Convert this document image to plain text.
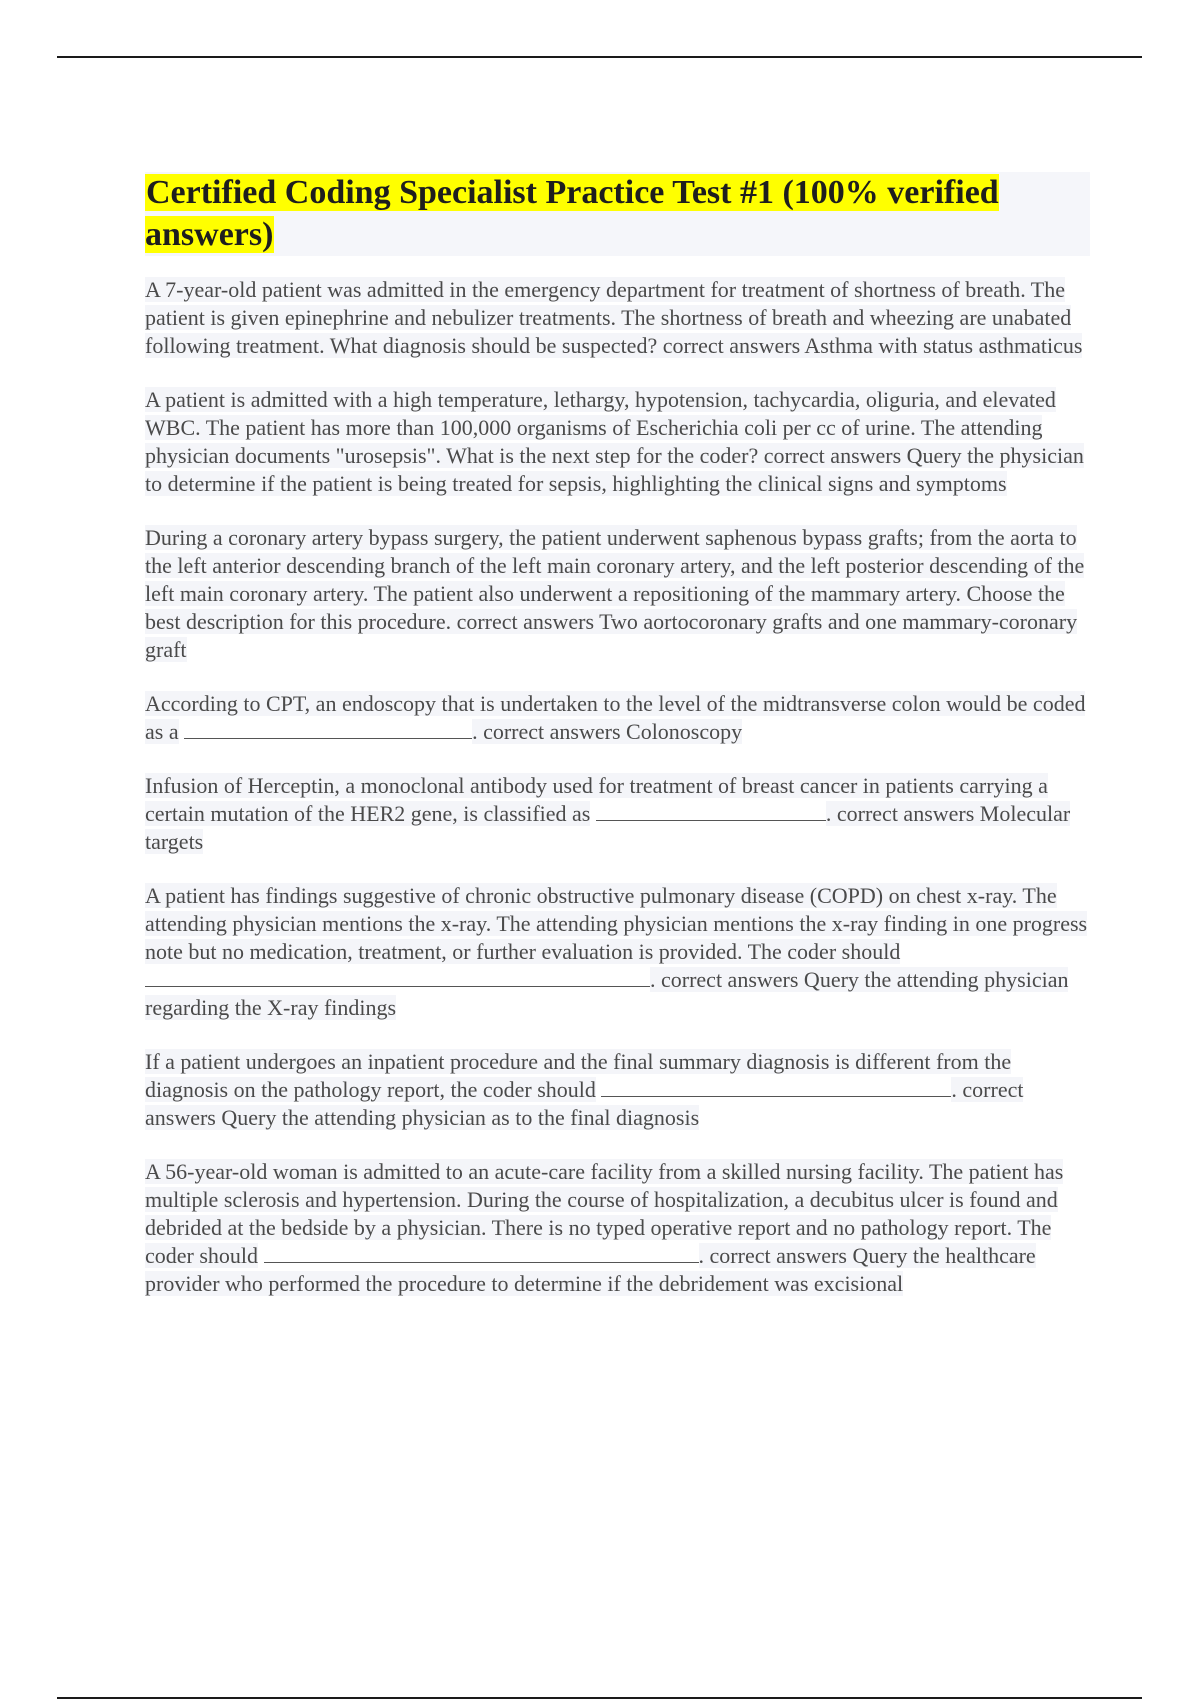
Certified Coding Specialist Practice Test #1 (100% verified answers)

A 7-year-old patient was admitted in the emergency department for treatment of shortness of breath. The patient is given epinephrine and nebulizer treatments. The shortness of breath and wheezing are unabated following treatment. What diagnosis should be suspected? correct answers Asthma with status asthmaticus

A patient is admitted with a high temperature, lethargy, hypotension, tachycardia, oliguria, and elevated WBC. The patient has more than 100,000 organisms of Escherichia coli per cc of urine. The attending physician documents "urosepsis". What is the next step for the coder? correct answers Query the physician to determine if the patient is being treated for sepsis, highlighting the clinical signs and symptoms

During a coronary artery bypass surgery, the patient underwent saphenous bypass grafts; from the aorta to the left anterior descending branch of the left main coronary artery, and the left posterior descending of the left main coronary artery. The patient also underwent a repositioning of the mammary artery. Choose the best description for this procedure. correct answers Two aortocoronary grafts and one mammary-coronary graft

According to CPT, an endoscopy that is undertaken to the level of the midtransverse colon would be coded as a	. correct answers Colonoscopy

Infusion of Herceptin, a monoclonal antibody used for treatment of breast cancer in patients carrying a certain mutation of the HER2 gene, is classified as	. correct answers Molecular targets

A patient has findings suggestive of chronic obstructive pulmonary disease (COPD) on chest x-ray. The attending physician mentions the x-ray. The attending physician mentions the x-ray finding in one progress note but no medication, treatment, or further evaluation is provided. The coder should . correct answers Query the attending physician regarding the X-ray findings

If a patient undergoes an inpatient procedure and the final summary diagnosis is different from the diagnosis on the pathology report, the coder should	. correct answers Query the attending physician as to the final diagnosis

A 56-year-old woman is admitted to an acute-care facility from a skilled nursing facility. The patient has multiple sclerosis and hypertension. During the course of hospitalization, a decubitus ulcer is found and debrided at the bedside by a physician. There is no typed operative report and no pathology report. The coder should	. correct answers Query the healthcare provider who performed the procedure to determine if the debridement was excisional
